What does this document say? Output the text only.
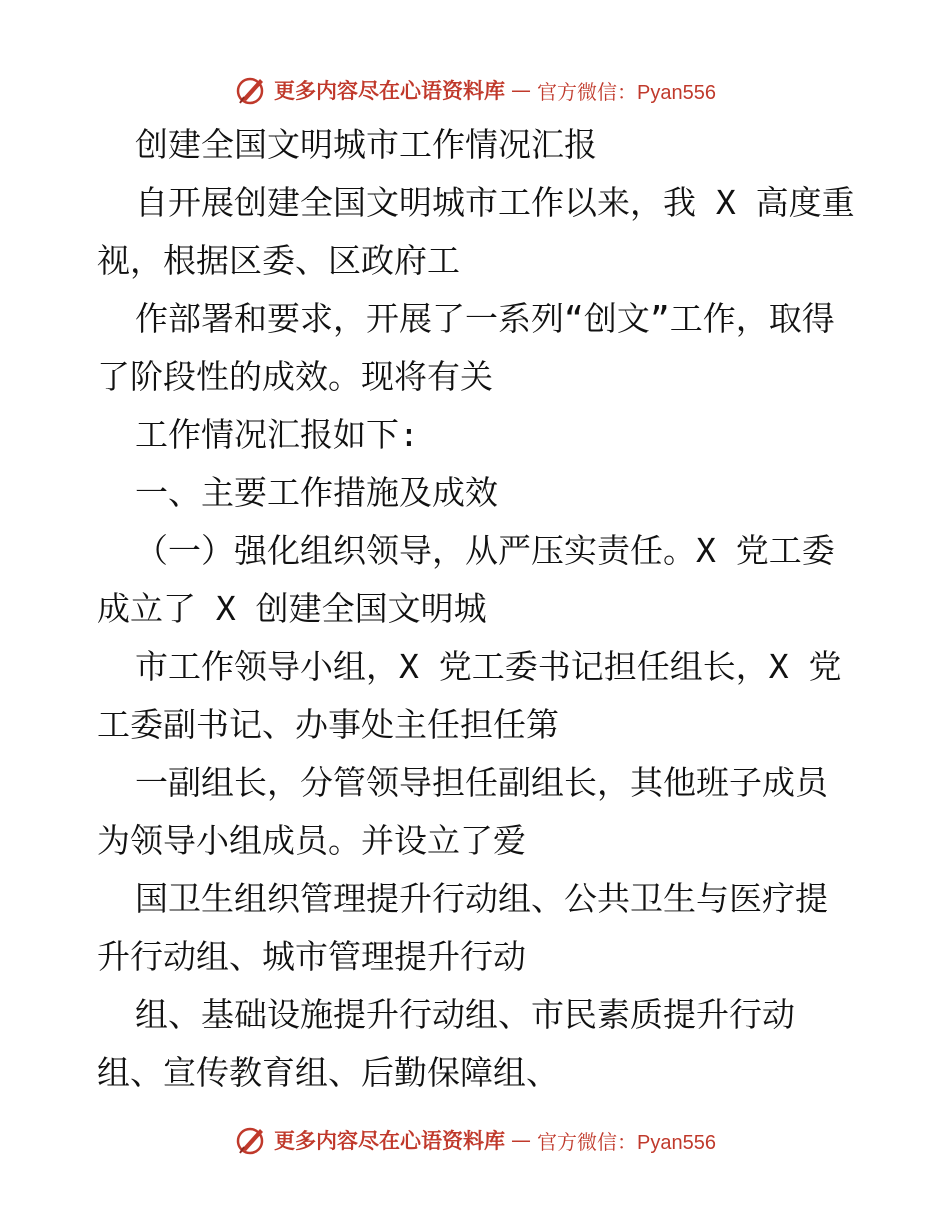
更多内容尽在心语资料库 — 官方微信：Pyan556

创建全国文明城市工作情况汇报

自开展创建全国文明城市工作以来，我 X 高度重视，根据区委、区政府工

作部署和要求，开展了一系列“创文”工作，取得了阶段性的成效。现将有关

工作情况汇报如下:

一、主要工作措施及成效

（一）强化组织领导，从严压实责任。X 党工委成立了 X 创建全国文明城

市工作领导小组，X 党工委书记担任组长，X 党工委副书记、办事处主任担任第

一副组长，分管领导担任副组长，其他班子成员为领导小组成员。并设立了爱

国卫生组织管理提升行动组、公共卫生与医疗提升行动组、城市管理提升行动

组、基础设施提升行动组、市民素质提升行动组、宣传教育组、后勤保障组、

更多内容尽在心语资料库 — 官方微信：Pyan556
